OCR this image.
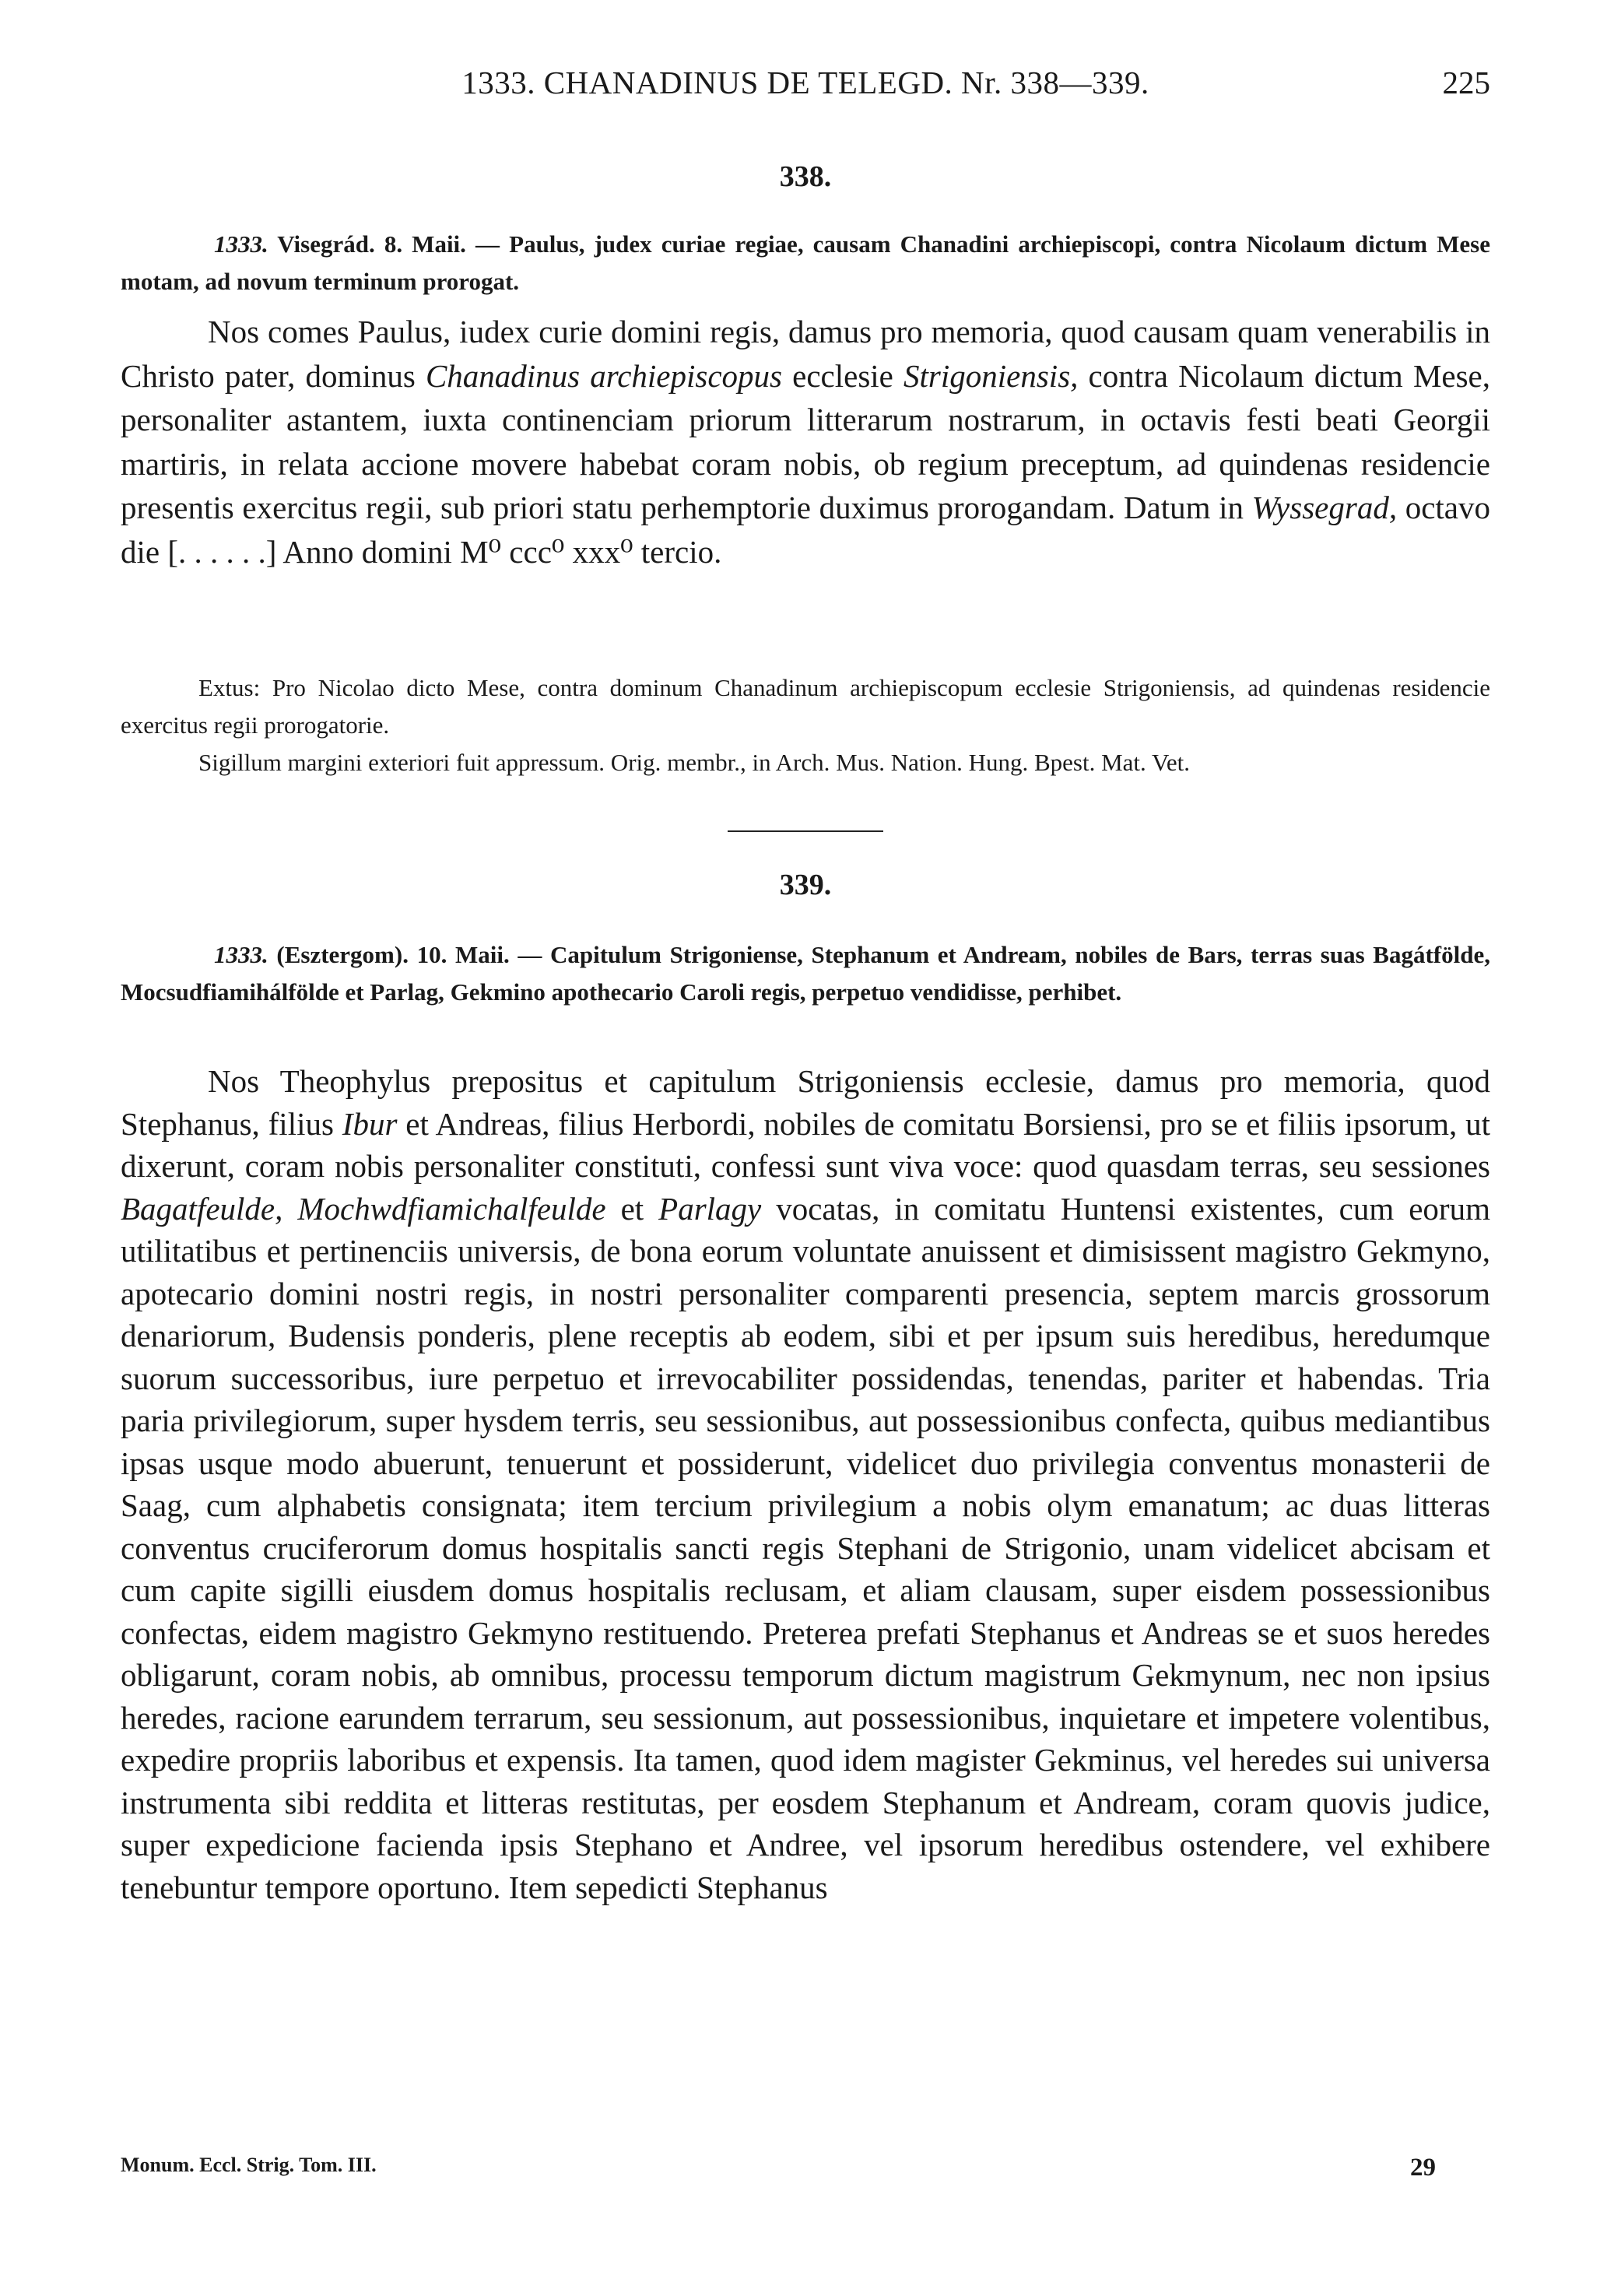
1333. CHANADINUS DE TELEGD. Nr. 338—339.	225
338.
1333. Visegrád. 8. Maii. — Paulus, judex curiae regiae, causam Chanadini archiepiscopi, contra Nicolaum dictum Mese motam, ad novum terminum prorogat.
Nos comes Paulus, iudex curie domini regis, damus pro memoria, quod causam quam venerabilis in Christo pater, dominus Chanadinus archiepiscopus ecclesie Strigoniensis, contra Nicolaum dictum Mese, personaliter astantem, iuxta continenciam priorum litterarum nostrarum, in octavis festi beati Georgii martiris, in relata accione movere habebat coram nobis, ob regium preceptum, ad quindenas residencie presentis exercitus regii, sub priori statu perhemptorie duximus prorogandam. Datum in Wyssegrad, octavo die [. . . . . .] Anno domini M⁰ ccc⁰ xxx⁰ tercio.
Extus: Pro Nicolao dicto Mese, contra dominum Chanadinum archiepiscopum ecclesie Strigoniensis, ad quindenas residencie exercitus regii prorogatorie.
Sigillum margini exteriori fuit appressum. Orig. membr., in Arch. Mus. Nation. Hung. Bpest. Mat. Vet.
339.
1333. (Esztergom). 10. Maii. — Capitulum Strigoniense, Stephanum et Andream, nobiles de Bars, terras suas Bagátfölde, Mocsudfiamihálfölde et Parlag, Gekmino apothecario Caroli regis, perpetuo vendidisse, perhibet.
Nos Theophylus prepositus et capitulum Strigoniensis ecclesie, damus pro memoria, quod Stephanus, filius Ibur et Andreas, filius Herbordi, nobiles de comitatu Borsiensi, pro se et filiis ipsorum, ut dixerunt, coram nobis personaliter constituti, confessi sunt viva voce: quod quasdam terras, seu sessiones Bagatfeulde, Mochwdfiamichalfeulde et Parlagy vocatas, in comitatu Huntensi existentes, cum eorum utilitatibus et pertinenciis universis, de bona eorum voluntate anuissent et dimisissent magistro Gekmyno, apotecario domini nostri regis, in nostri personaliter comparenti presencia, septem marcis grossorum denariorum, Budensis ponderis, plene receptis ab eodem, sibi et per ipsum suis heredibus, heredumque suorum successoribus, iure perpetuo et irrevocabiliter possidendas, tenendas, pariter et habendas. Tria paria privilegiorum, super hysdem terris, seu sessionibus, aut possessionibus confecta, quibus mediantibus ipsas usque modo abuerunt, tenuerunt et possiderunt, videlicet duo privilegia conventus monasterii de Saag, cum alphabetis consignata; item tercium privilegium a nobis olym emanatum; ac duas litteras conventus cruciferorum domus hospitalis sancti regis Stephani de Strigonio, unam videlicet abcisam et cum capite sigilli eiusdem domus hospitalis reclusam, et aliam clausam, super eisdem possessionibus confectas, eidem magistro Gekmyno restituendo. Preterea prefati Stephanus et Andreas se et suos heredes obligarunt, coram nobis, ab omnibus, processu temporum dictum magistrum Gekmynum, nec non ipsius heredes, racione earundem terrarum, seu sessionum, aut possessionibus, inquietare et impetere volentibus, expedire propriis laboribus et expensis. Ita tamen, quod idem magister Gekminus, vel heredes sui universa instrumenta sibi reddita et litteras restitutas, per eosdem Stephanum et Andream, coram quovis judice, super expedicione facienda ipsis Stephano et Andree, vel ipsorum heredibus ostendere, vel exhibere tenebuntur tempore oportuno. Item sepedicti Stephanus
Monum. Eccl. Strig. Tom. III.	29
